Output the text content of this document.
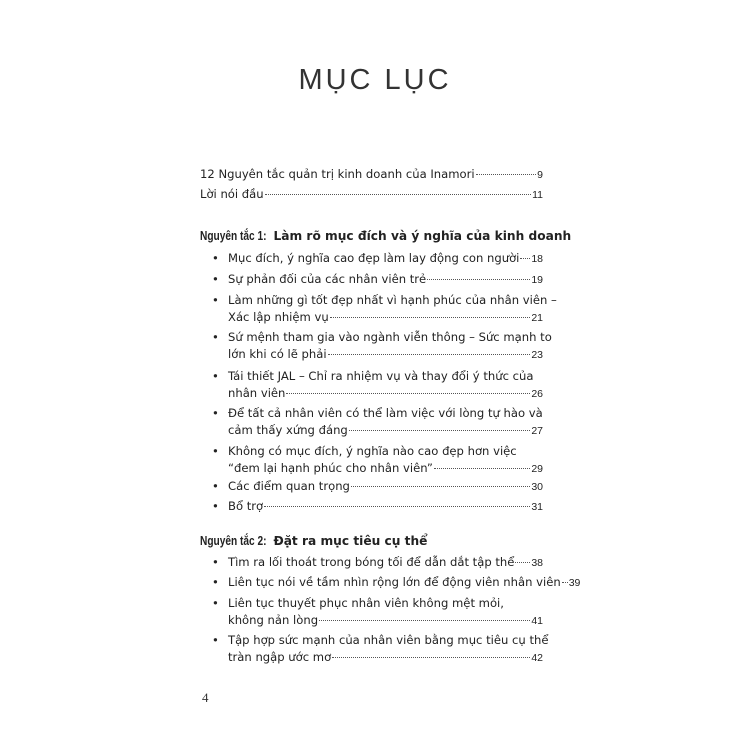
MỤC LỤC
12 Nguyên tắc quản trị kinh doanh của Inamori	9
Lời nói đầu	11
Nguyên tắc 1: Làm rõ mục đích và ý nghĩa của kinh doanh
• Mục đích, ý nghĩa cao đẹp làm lay động con người 18
• Sự phản đối của các nhân viên trẻ	19
• Làm những gì tốt đẹp nhất vì hạnh phúc của nhân viên –
Xác lập nhiệm vụ	21
• Sứ mệnh tham gia vào ngành viễn thông – Sức mạnh to
lớn khi có lẽ phải	23
• Tái thiết JAL – Chỉ ra nhiệm vụ và thay đổi ý thức của
nhân viên	26
• Để tất cả nhân viên có thể làm việc với lòng tự hào và
cảm thấy xứng đáng	27
• Không có mục đích, ý nghĩa nào cao đẹp hơn việc
“đem lại hạnh phúc cho nhân viên”	29
• Các điểm quan trọng	30
• Bổ trợ	31
Nguyên tắc 2: Đặt ra mục tiêu cụ thể
• Tìm ra lối thoát trong bóng tối để dẫn dắt tập thể 38
• Liên tục nói về tầm nhìn rộng lớn để động viên nhân viên 39
• Liên tục thuyết phục nhân viên không mệt mỏi,
không nản lòng	41
• Tập hợp sức mạnh của nhân viên bằng mục tiêu cụ thể
tràn ngập ước mơ	42
4
